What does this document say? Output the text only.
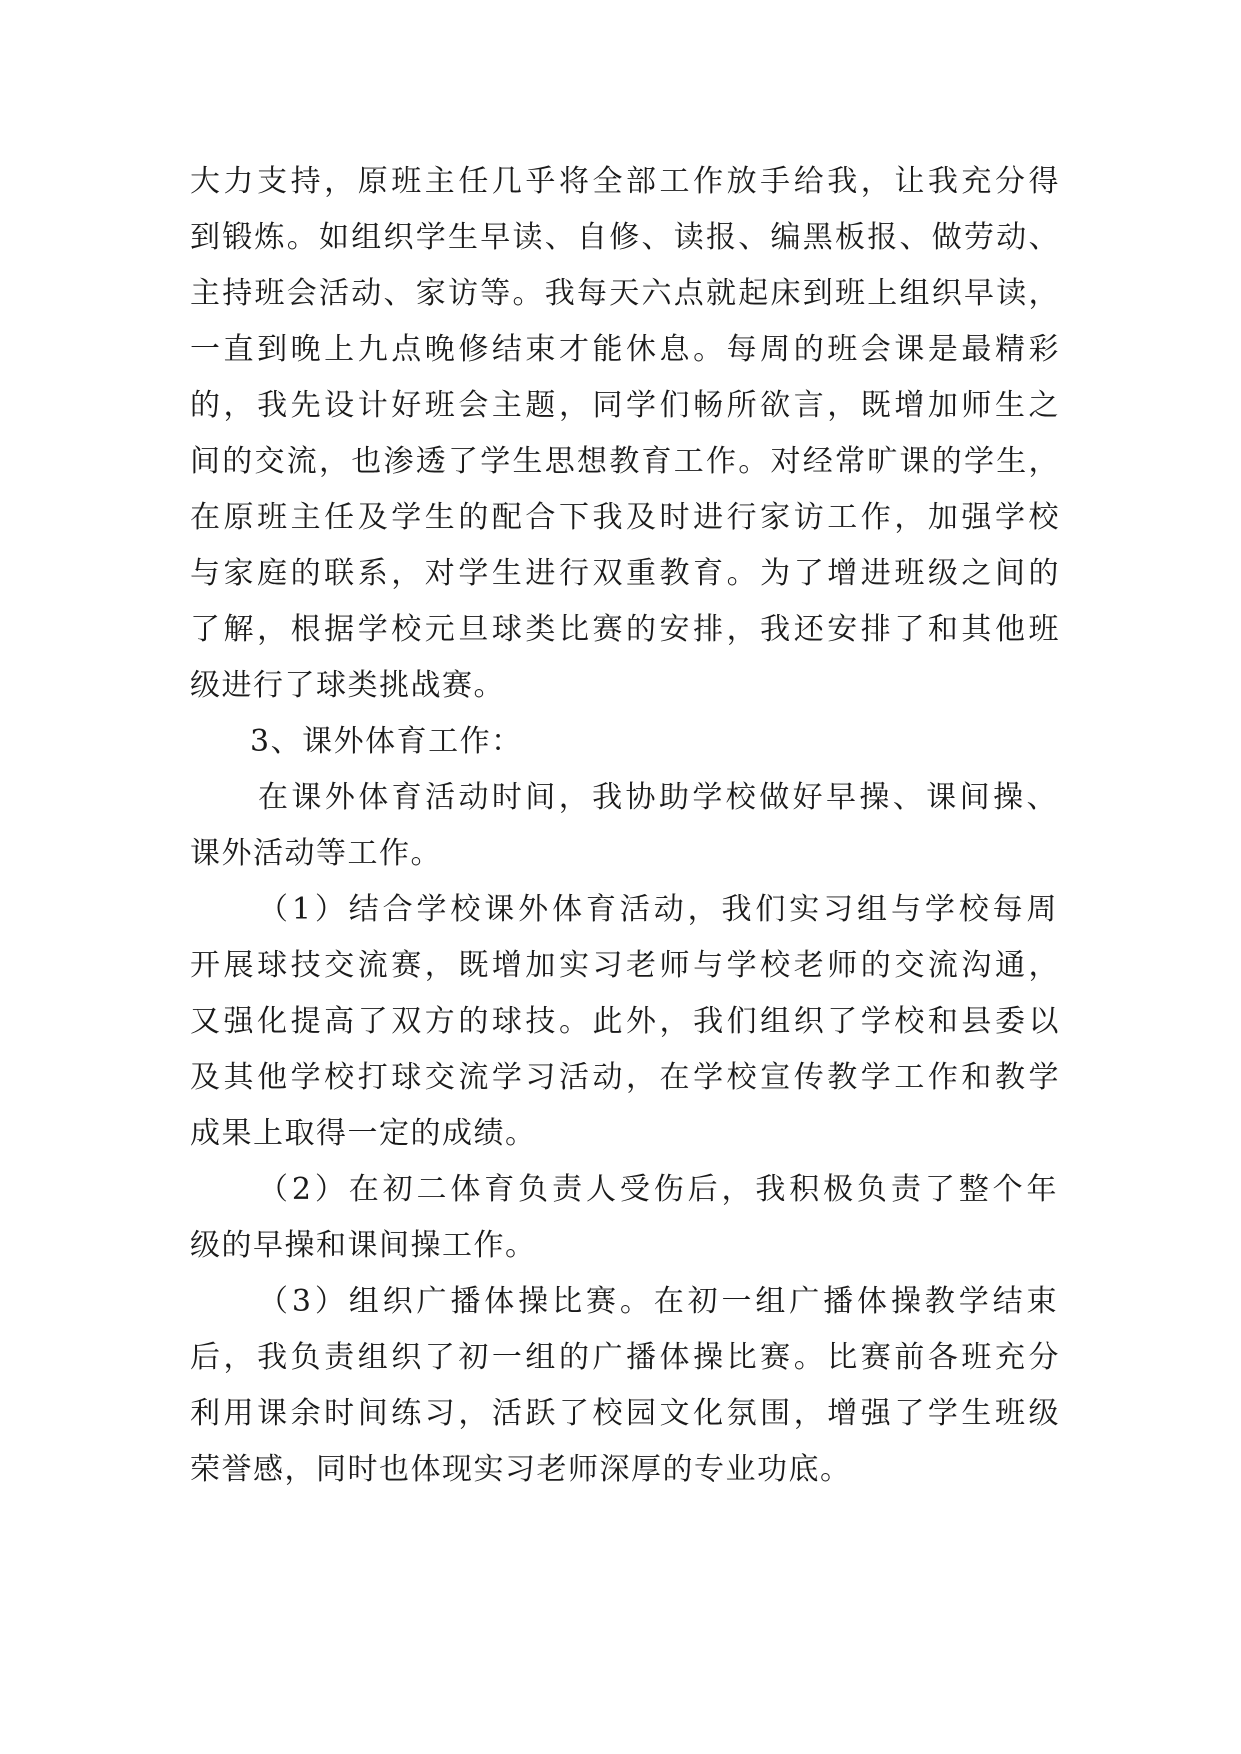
大力支持，原班主任几乎将全部工作放手给我，让我充分得
到锻炼。如组织学生早读、自修、读报、编黑板报、做劳动、
主持班会活动、家访等。我每天六点就起床到班上组织早读，
一直到晚上九点晚修结束才能休息。每周的班会课是最精彩
的，我先设计好班会主题，同学们畅所欲言，既增加师生之
间的交流，也渗透了学生思想教育工作。对经常旷课的学生，
在原班主任及学生的配合下我及时进行家访工作，加强学校
与家庭的联系，对学生进行双重教育。为了增进班级之间的
了解，根据学校元旦球类比赛的安排，我还安排了和其他班
级进行了球类挑战赛。
3、课外体育工作：
在课外体育活动时间，我协助学校做好早操、课间操、
课外活动等工作。
（1）结合学校课外体育活动，我们实习组与学校每周
开展球技交流赛，既增加实习老师与学校老师的交流沟通，
又强化提高了双方的球技。此外，我们组织了学校和县委以
及其他学校打球交流学习活动，在学校宣传教学工作和教学
成果上取得一定的成绩。
（2）在初二体育负责人受伤后，我积极负责了整个年
级的早操和课间操工作。
（3）组织广播体操比赛。在初一组广播体操教学结束
后，我负责组织了初一组的广播体操比赛。比赛前各班充分
利用课余时间练习，活跃了校园文化氛围，增强了学生班级
荣誉感，同时也体现实习老师深厚的专业功底。
